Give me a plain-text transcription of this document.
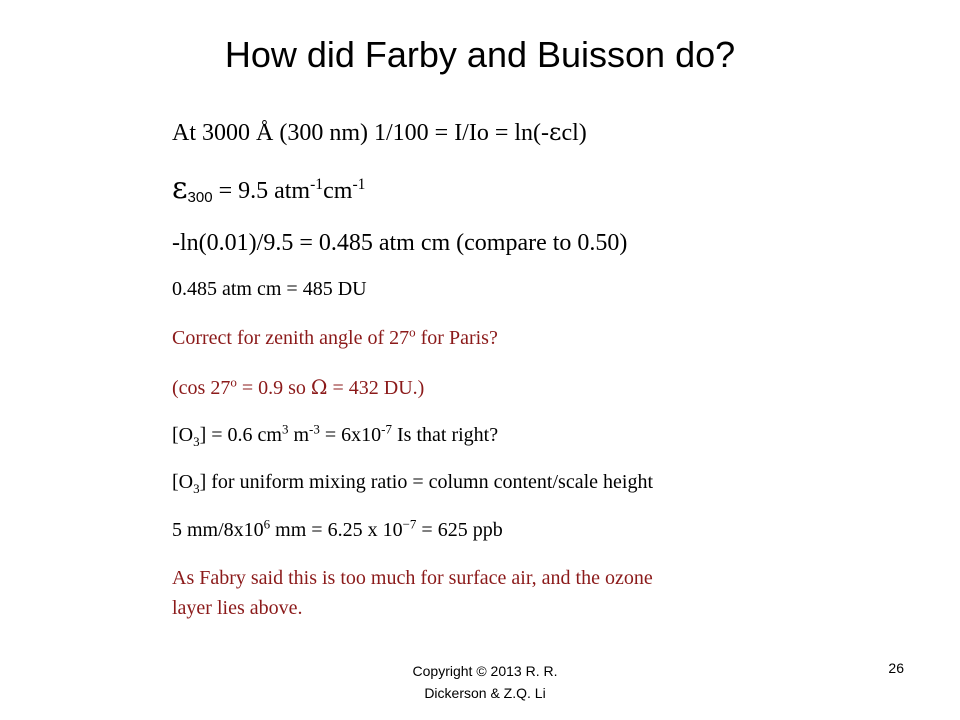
How did Farby and Buisson do?
At 3000 Å (300 nm) 1/100 = I/Io = ln(-εcl)
ε300 = 9.5 $atm^{-1}cm^{-1}$
-ln(0.01)/9.5 = 0.485 atm cm (compare to 0.50)
0.485 atm cm = 485 DU
Correct for zenith angle of 27$^o$ for Paris?
(cos $27^o = 0.9$ so Ω = 432 DU.)
$[O_3] = 0.6$ $cm^3$ $m^{-3} = 6x10^{-7}$ Is that right?
$[O_3]$ for uniform mixing ratio = column content/scale height
5 $mm/8x10^6$ mm = 6.25 x $10^{-7} = 625$ ppb
As Fabry said this is too much for surface air, and the ozone
layer lies above.
Copyright © 2013 R. R.
Dickerson & Z.Q. Li
26
